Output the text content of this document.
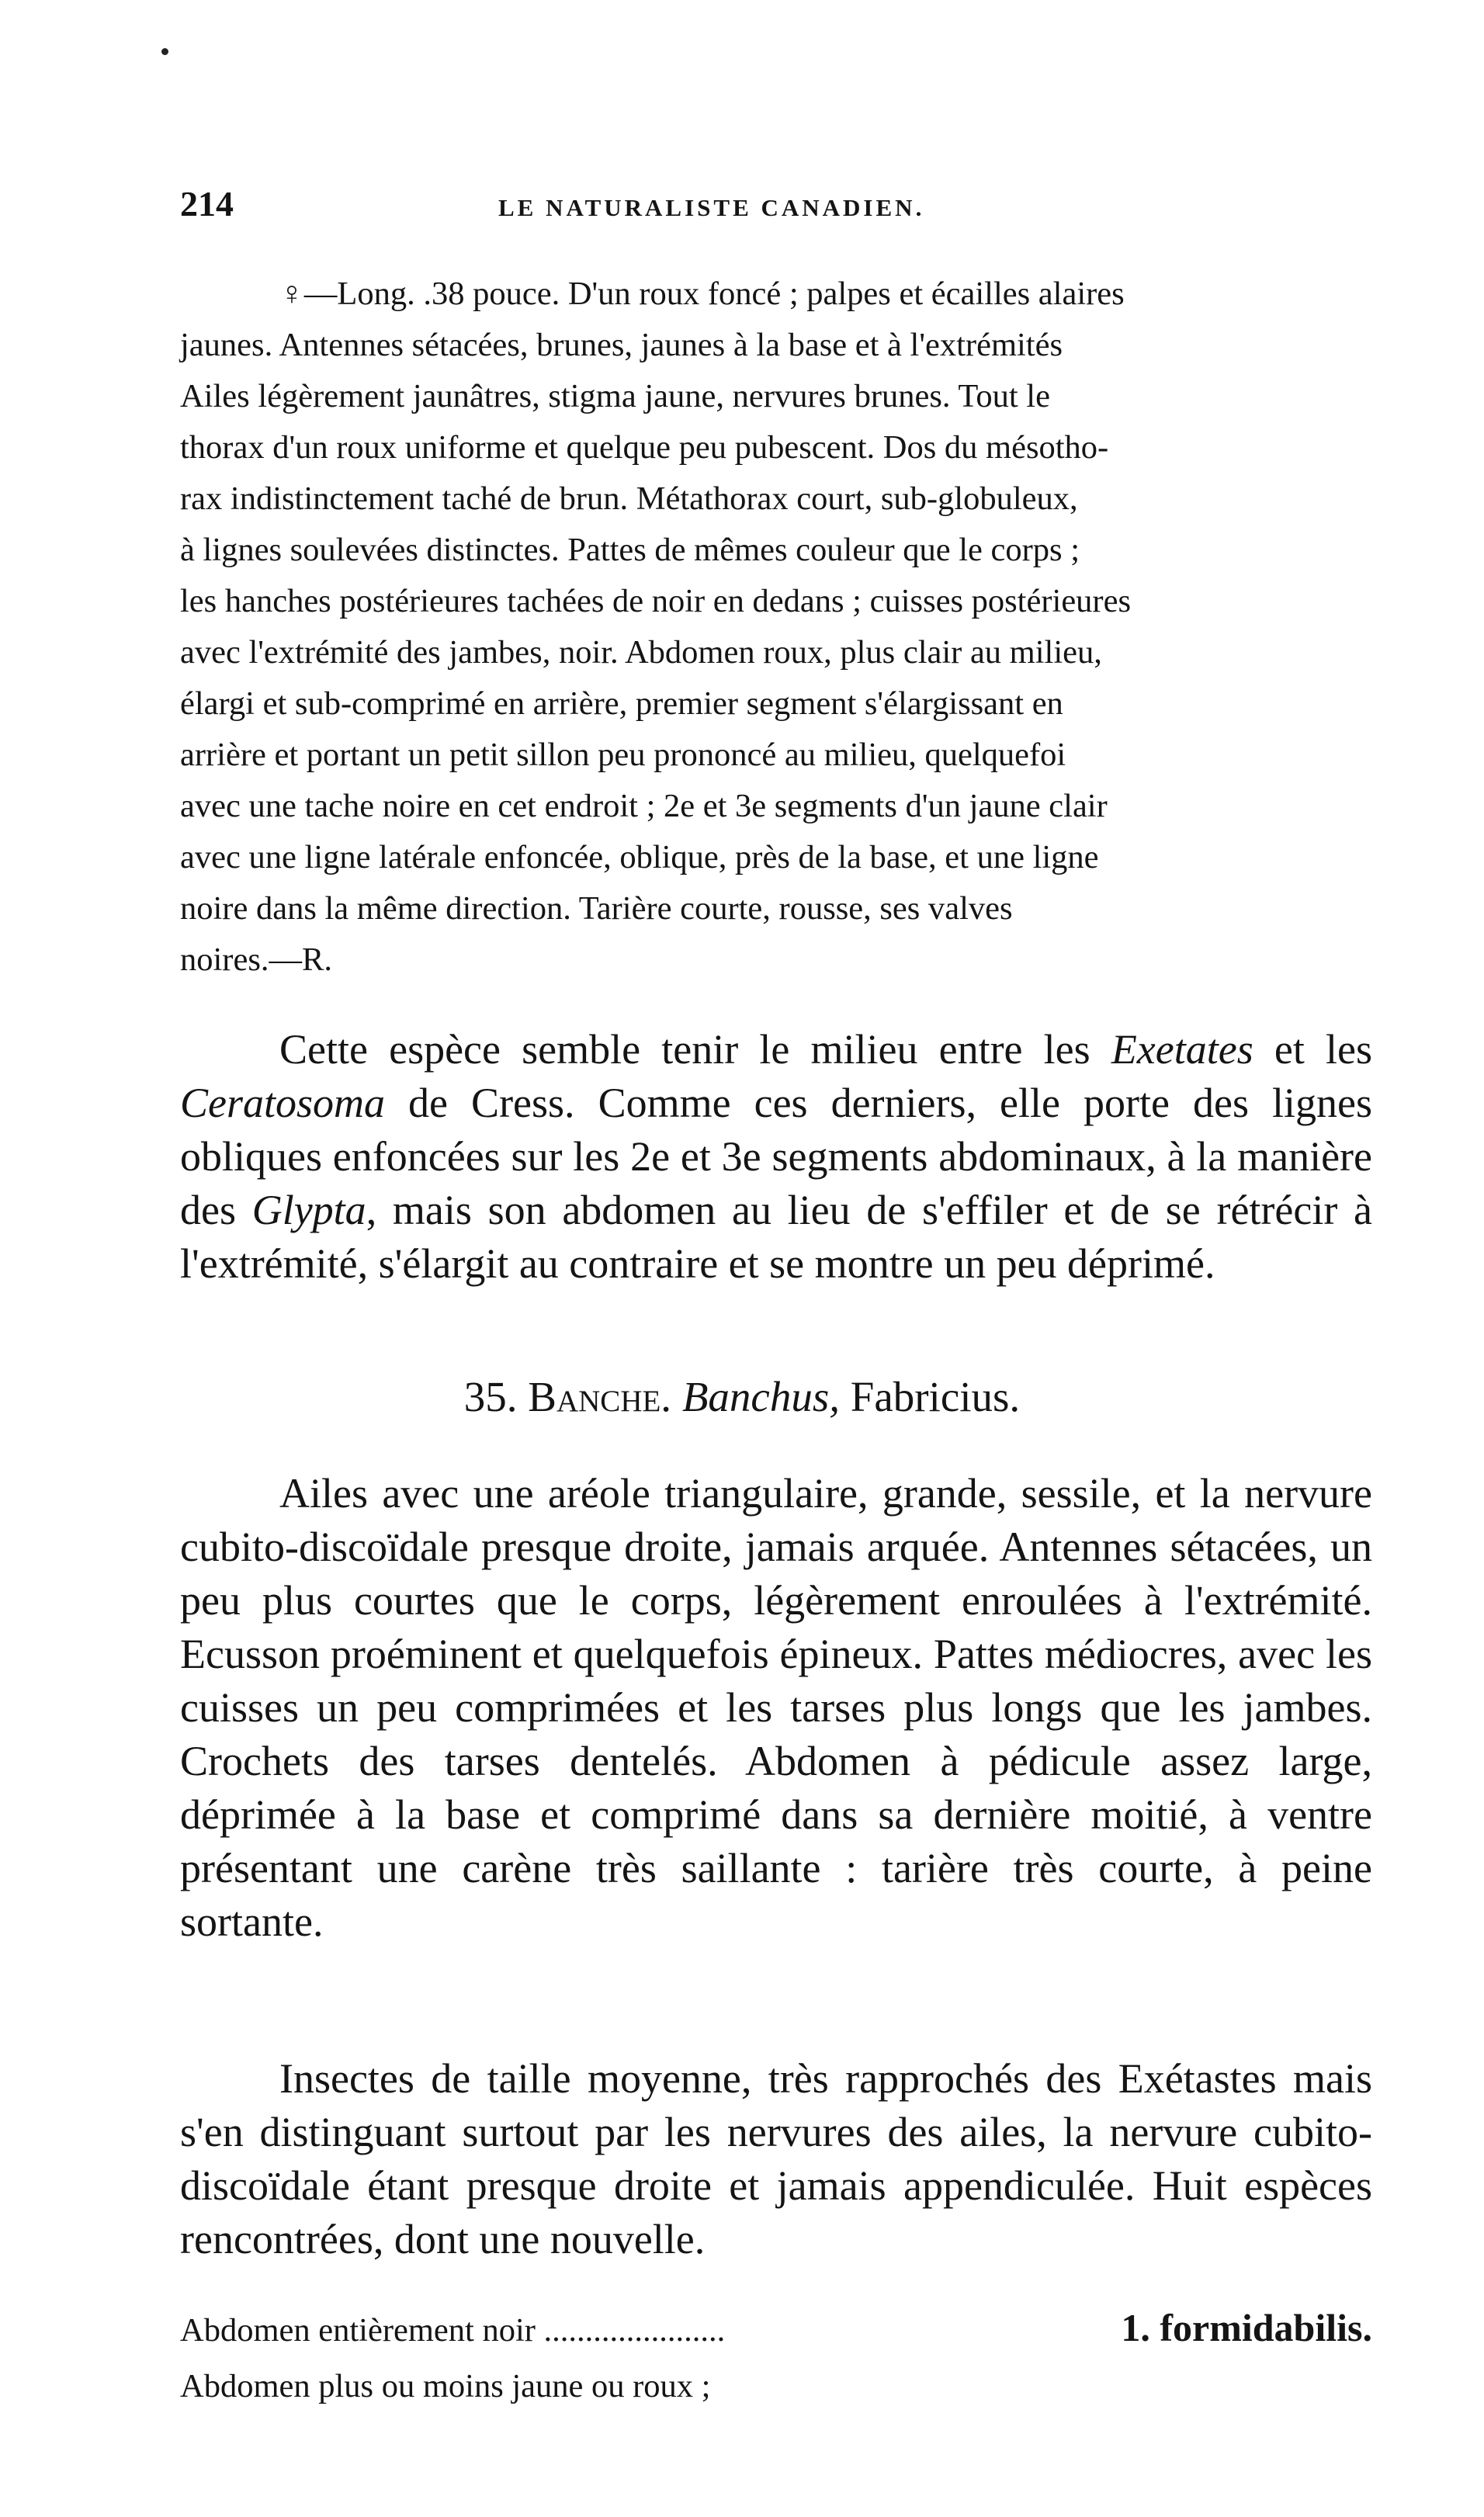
214	LE NATURALISTE CANADIEN.
♀—Long. .38 pouce. D'un roux foncé ; palpes et écailles alaires
jaunes. Antennes sétacées, brunes, jaunes à la base et à l'extrémités
Ailes légèrement jaunâtres, stigma jaune, nervures brunes. Tout le
thorax d'un roux uniforme et quelque peu pubescent. Dos du mésotho-
rax indistinctement taché de brun. Métathorax court, sub-globuleux,
à lignes soulevées distinctes. Pattes de mêmes couleur que le corps ;
les hanches postérieures tachées de noir en dedans ; cuisses postérieures
avec l'extrémité des jambes, noir. Abdomen roux, plus clair au milieu,
élargi et sub-comprimé en arrière, premier segment s'élargissant en
arrière et portant un petit sillon peu prononcé au milieu, quelquefoi
avec une tache noire en cet endroit ; 2e et 3e segments d'un jaune clair
avec une ligne latérale enfoncée, oblique, près de la base, et une ligne
noire dans la même direction. Tarière courte, rousse, ses valves
noires.—R.
Cette espèce semble tenir le milieu entre les Exetates et les Ceratosoma de Cress. Comme ces derniers, elle porte des lignes obliques enfoncées sur les 2e et 3e segments abdominaux, à la manière des Glypta, mais son abdomen au lieu de s'effiler et de se rétrécir à l'extrémité, s'élargit au contraire et se montre un peu déprimé.
35. Banche. Banchus, Fabricius.
Ailes avec une aréole triangulaire, grande, sessile, et la nervure cubito-discoïdale presque droite, jamais arquée. Antennes sétacées, un peu plus courtes que le corps, légèrement enroulées à l'extrémité. Ecusson proéminent et quelquefois épineux. Pattes médiocres, avec les cuisses un peu comprimées et les tarses plus longs que les jambes. Crochets des tarses dentelés. Abdomen à pédicule assez large, déprimée à la base et comprimé dans sa dernière moitié, à ventre présentant une carène très saillante : tarière très courte, à peine sortante.
Insectes de taille moyenne, très rapprochés des Exétastes mais s'en distinguant surtout par les nervures des ailes, la nervure cubito-discoïdale étant presque droite et jamais appendiculée. Huit espèces rencontrées, dont une nouvelle.
Abdomen entièrement noir ......................	1. formidabilis.
Abdomen plus ou moins jaune ou roux ;
